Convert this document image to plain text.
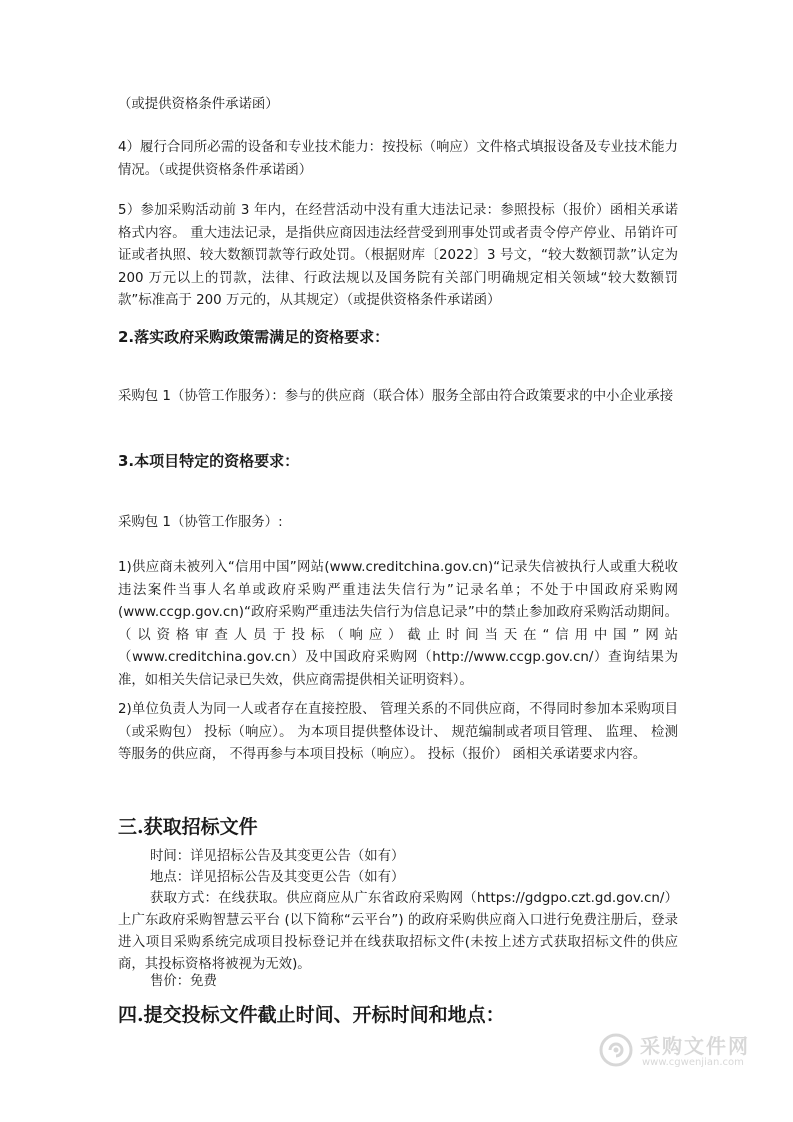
（或提供资格条件承诺函）

4）履行合同所必需的设备和专业技术能力：按投标（响应）文件格式填报设备及专业技术能力情况。（或提供资格条件承诺函）

5）参加采购活动前 3 年内，在经营活动中没有重大违法记录：参照投标（报价）函相关承诺格式内容。 重大违法记录，是指供应商因违法经营受到刑事处罚或者责令停产停业、吊销许可证或者执照、较大数额罚款等行政处罚。（根据财库〔2022〕3 号文，“较大数额罚款”认定为 200 万元以上的罚款，法律、行政法规以及国务院有关部门明确规定相关领域“较大数额罚款”标准高于 200 万元的，从其规定）（或提供资格条件承诺函）

2.落实政府采购政策需满足的资格要求：

采购包 1（协管工作服务）：参与的供应商（联合体）服务全部由符合政策要求的中小企业承接

3.本项目特定的资格要求：

采购包 1（协管工作服务）:

1)供应商未被列入“信用中国”网站(www.creditchina.gov.cn)“记录失信被执行人或重大税收违法案件当事人名单或政府采购严重违法失信行为”记录名单；不处于中国政府采购网(www.ccgp.gov.cn)“政府采购严重违法失信行为信息记录”中的禁止参加政府采购活动期间。（以资格审查人员于投标（响应）截止时间当天在“信用中国”网站（www.creditchina.gov.cn）及中国政府采购网（http://www.ccgp.gov.cn/）查询结果为准，如相关失信记录已失效，供应商需提供相关证明资料）。

2)单位负责人为同一人或者存在直接控股、 管理关系的不同供应商，不得同时参加本采购项目（或采购包） 投标（响应）。 为本项目提供整体设计、 规范编制或者项目管理、 监理、 检测等服务的供应商， 不得再参与本项目投标（响应）。 投标（报价） 函相关承诺要求内容。

三.获取招标文件

时间：详见招标公告及其变更公告（如有）

地点：详见招标公告及其变更公告（如有）

获取方式：在线获取。供应商应从广东省政府采购网（https://gdgpo.czt.gd.gov.cn/）上广东政府采购智慧云平台 (以下简称“云平台”) 的政府采购供应商入口进行免费注册后，登录进入项目采购系统完成项目投标登记并在线获取招标文件(未按上述方式获取招标文件的供应商，其投标资格将被视为无效)。

售价：免费

四.提交投标文件截止时间、开标时间和地点：
采购文件网
www.cgwenjian.com
